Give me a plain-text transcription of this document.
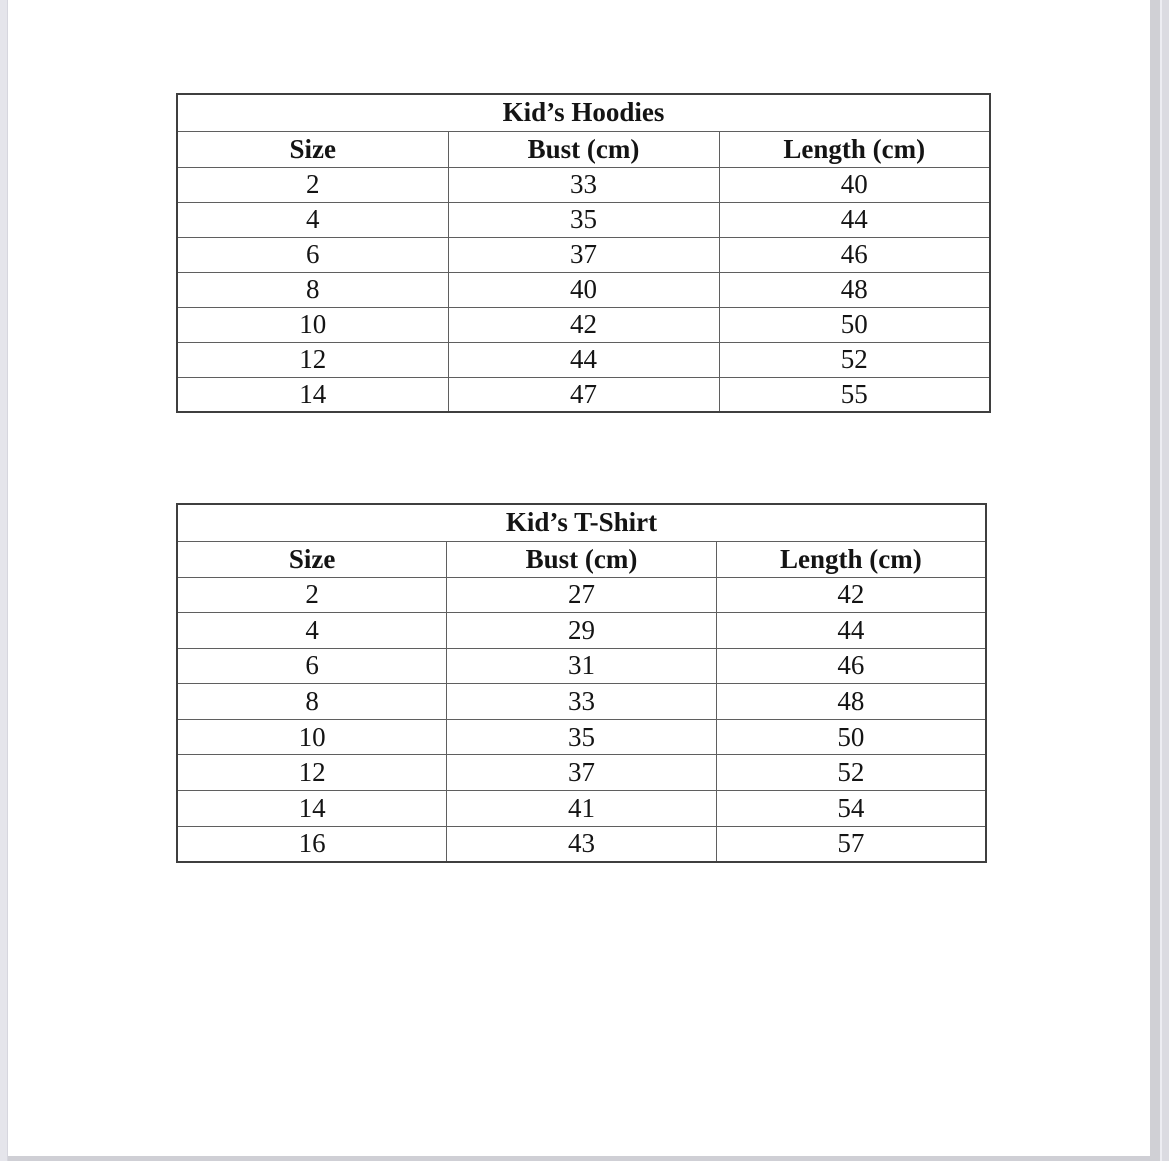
Kid’s Hoodies		
Size	Bust (cm)	Length (cm)
2	33	40
4	35	44
6	37	46
8	40	48
10	42	50
12	44	52
14	47	55
Kid’s T-Shirt		
Size	Bust (cm)	Length (cm)
2	27	42
4	29	44
6	31	46
8	33	48
10	35	50
12	37	52
14	41	54
16	43	57
